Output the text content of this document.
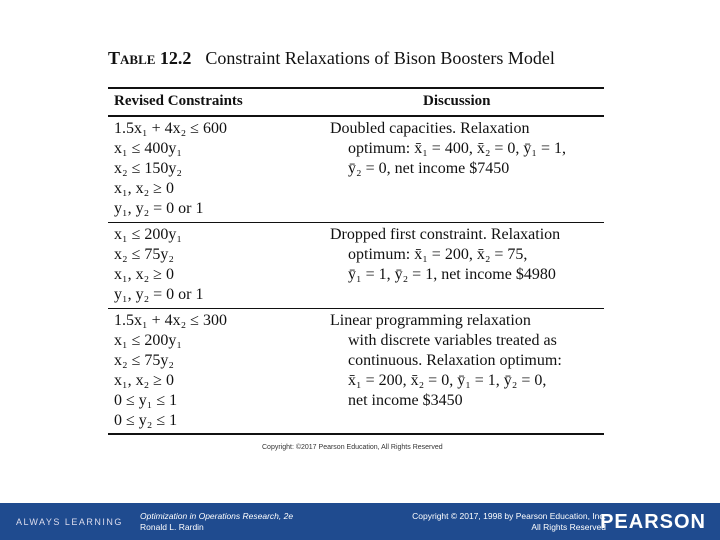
Table 12.2 Constraint Relaxations of Bison Boosters Model
Revised Constraints	Discussion
1.5x₁ + 4x₂ ≤ 600
x₁ ≤ 400y₁
x₂ ≤ 150y₂
x₁, x₂ ≥ 0
y₁, y₂ = 0 or 1
Doubled capacities. Relaxation
optimum: x̄₁ = 400, x̄₂ = 0, ȳ₁ = 1,
ȳ₂ = 0, net income $7450
x₁ ≤ 200y₁
x₂ ≤ 75y₂
x₁, x₂ ≥ 0
y₁, y₂ = 0 or 1
Dropped first constraint. Relaxation
optimum: x̄₁ = 200, x̄₂ = 75,
ȳ₁ = 1, ȳ₂ = 1, net income $4980
1.5x₁ + 4x₂ ≤ 300
x₁ ≤ 200y₁
x₂ ≤ 75y₂
x₁, x₂ ≥ 0
0 ≤ y₁ ≤ 1
0 ≤ y₂ ≤ 1
Linear programming relaxation
with discrete variables treated as
continuous. Relaxation optimum:
x̄₁ = 200, x̄₂ = 0, ȳ₁ = 1, ȳ₂ = 0,
net income $3450
Copyright: ©2017 Pearson Education, All Rights Reserved
ALWAYS LEARNING
Optimization in Operations Research, 2e
Ronald L. Rardin
Copyright © 2017, 1998 by Pearson Education, Inc.
All Rights Reserved
PEARSON
